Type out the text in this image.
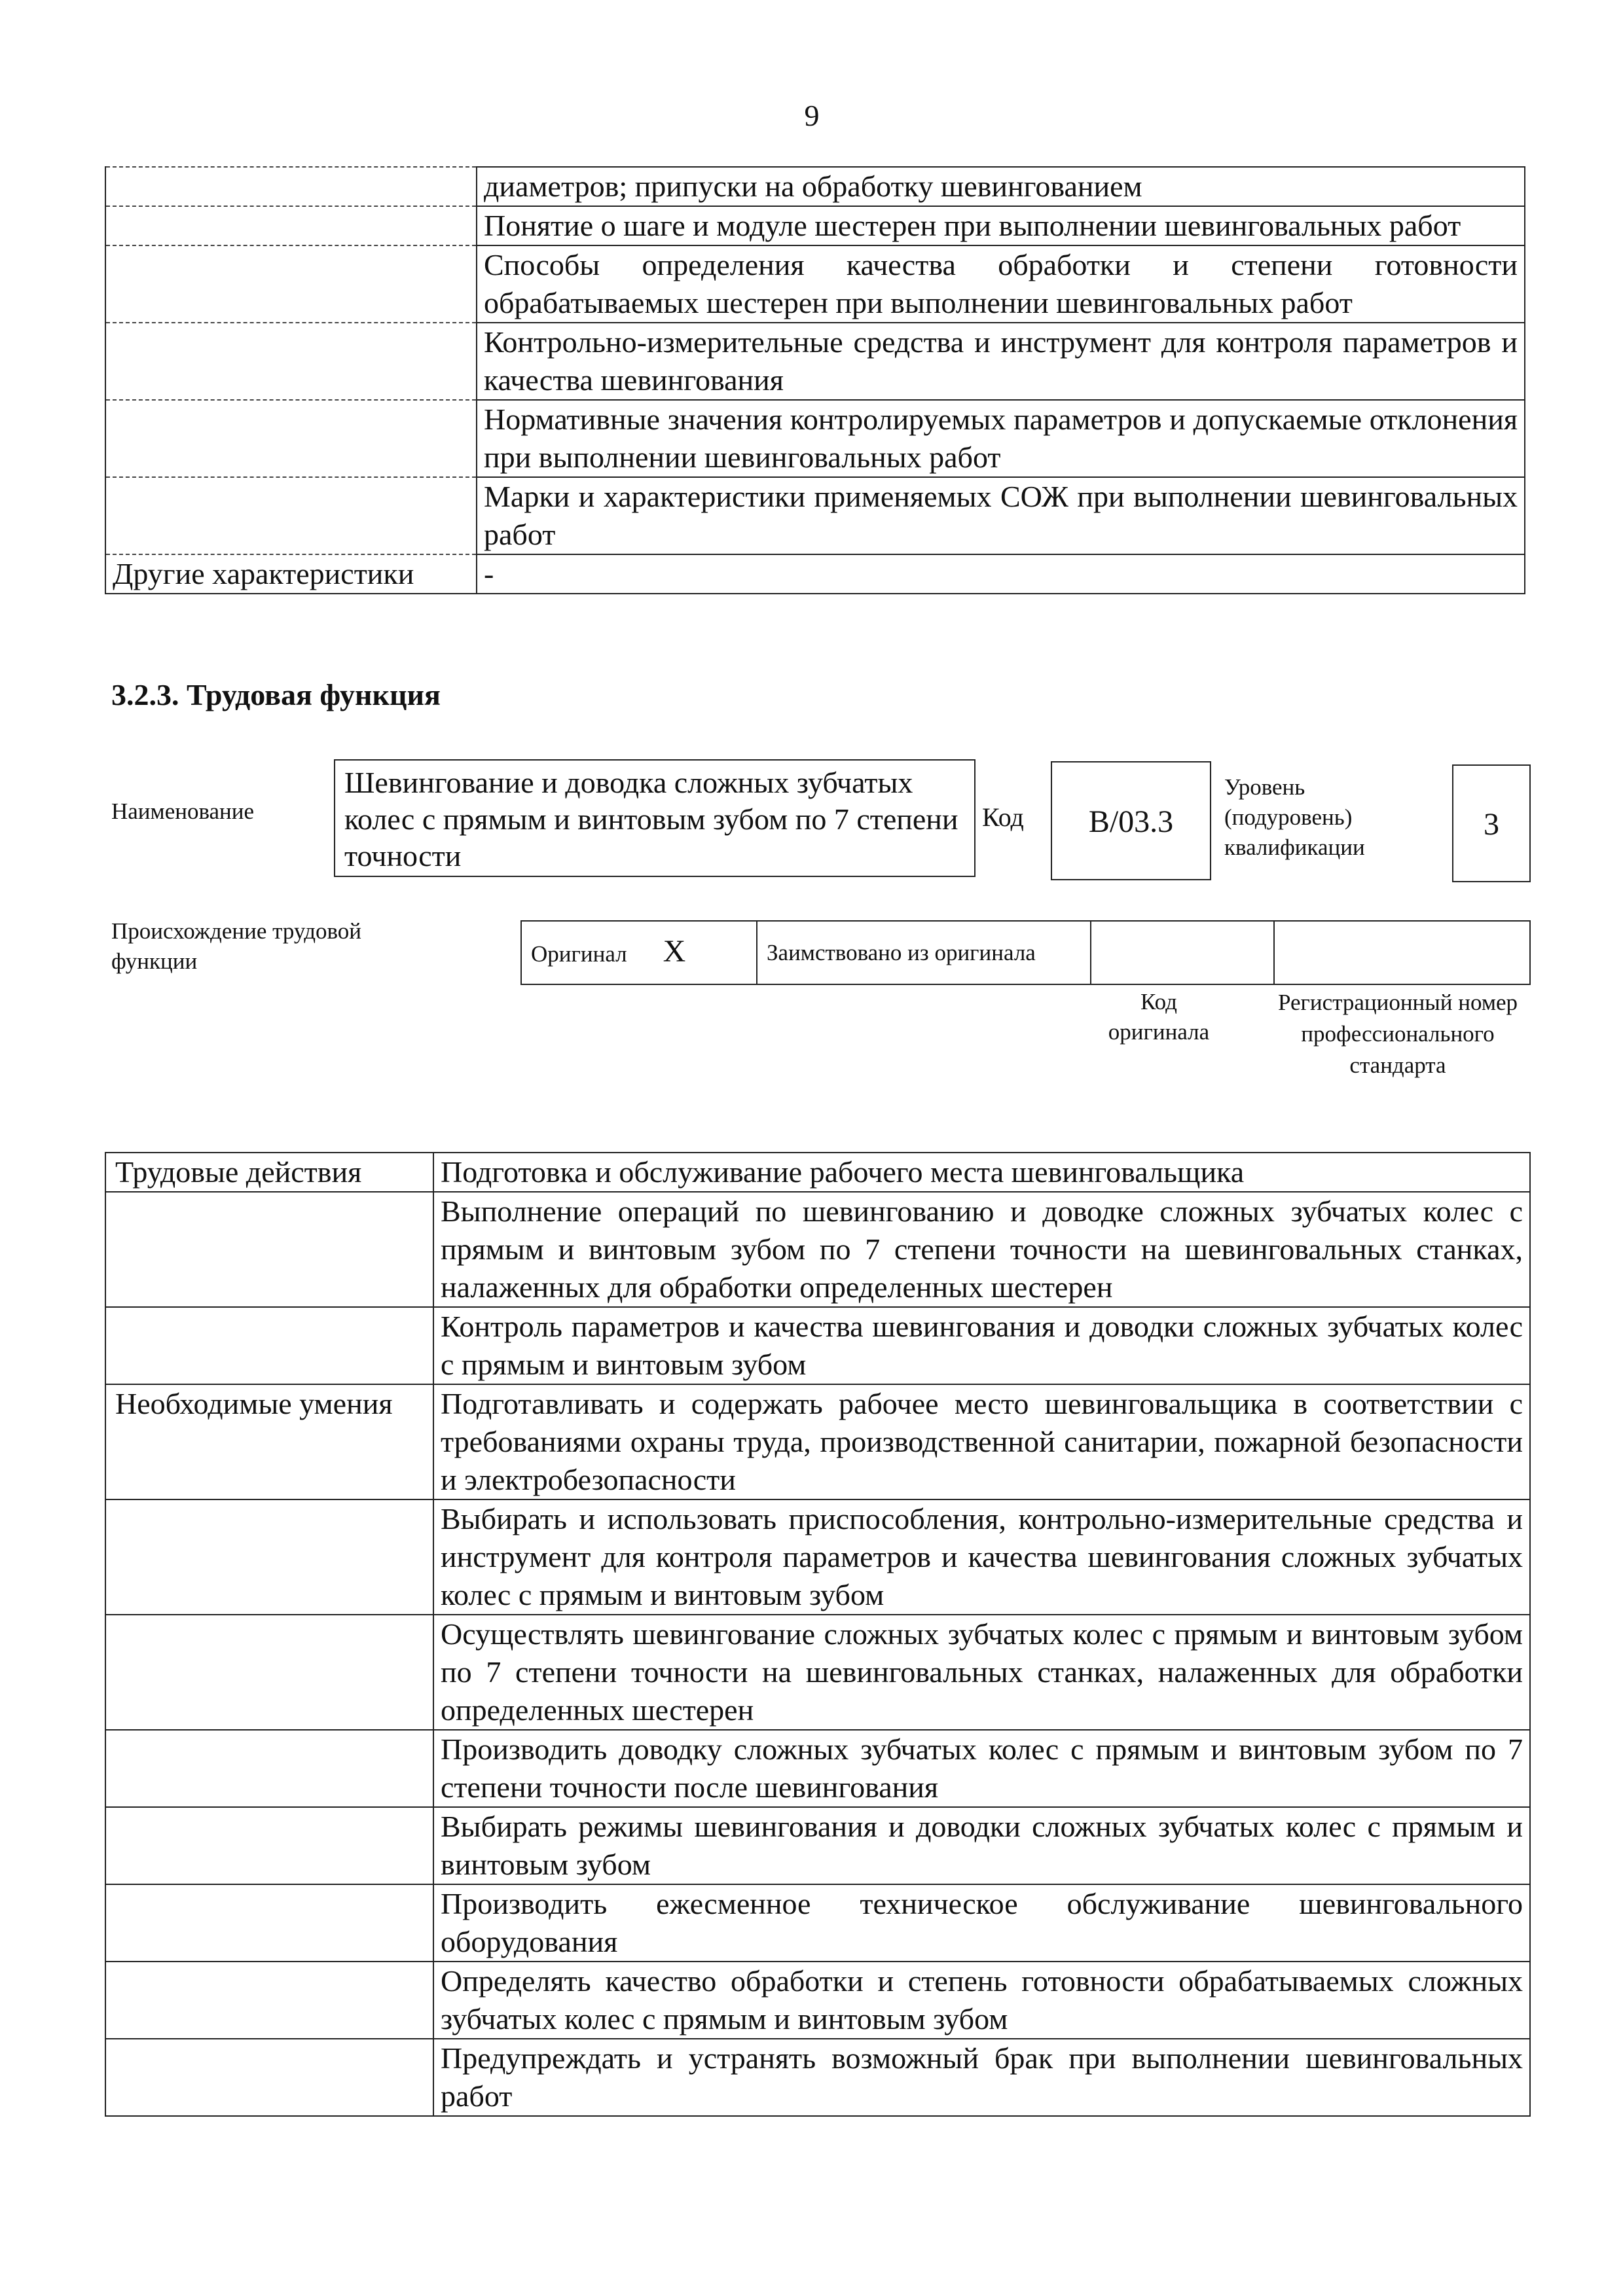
9
	диаметров; припуски на обработку шевингованием
	Понятие о шаге и модуле шестерен при выполнении шевинговальных работ
	Способы определения качества обработки и степени готовности обрабатываемых шестерен при выполнении шевинговальных работ
	Контрольно-измерительные средства и инструмент для контроля параметров и качества шевингования
	Нормативные значения контролируемых параметров и допускаемые отклонения при выполнении шевинговальных работ
	Марки и характеристики применяемых СОЖ при выполнении шевинговальных работ
Другие характеристики	-
3.2.3. Трудовая функция
Наименование
Шевингование и доводка сложных зубчатых колес с прямым и винтовым зубом по 7 степени точности
Код	В/03.3
Уровень (подуровень) квалификации
3
Происхождение трудовой функции	Оригинал Х	Заимствовано из оригинала		
Код оригинала
Регистрационный номер профессионального стандарта
Трудовые действия	Подготовка и обслуживание рабочего места шевинговальщика
	Выполнение операций по шевингованию и доводке сложных зубчатых колес с прямым и винтовым зубом по 7 степени точности на шевинговальных станках, налаженных для обработки определенных шестерен
	Контроль параметров и качества шевингования и доводки сложных зубчатых колес с прямым и винтовым зубом
Необходимые умения	Подготавливать и содержать рабочее место шевинговальщика в соответствии с требованиями охраны труда, производственной санитарии, пожарной безопасности и электробезопасности
	Выбирать и использовать приспособления, контрольно-измерительные средства и инструмент для контроля параметров и качества шевингования сложных зубчатых колес с прямым и винтовым зубом
	Осуществлять шевингование сложных зубчатых колес с прямым и винтовым зубом по 7 степени точности на шевинговальных станках, налаженных для обработки определенных шестерен
	Производить доводку сложных зубчатых колес с прямым и винтовым зубом по 7 степени точности после шевингования
	Выбирать режимы шевингования и доводки сложных зубчатых колес с прямым и винтовым зубом
	Производить ежесменное техническое обслуживание шевинговального оборудования
	Определять качество обработки и степень готовности обрабатываемых сложных зубчатых колес с прямым и винтовым зубом
	Предупреждать и устранять возможный брак при выполнении шевинговальных работ
